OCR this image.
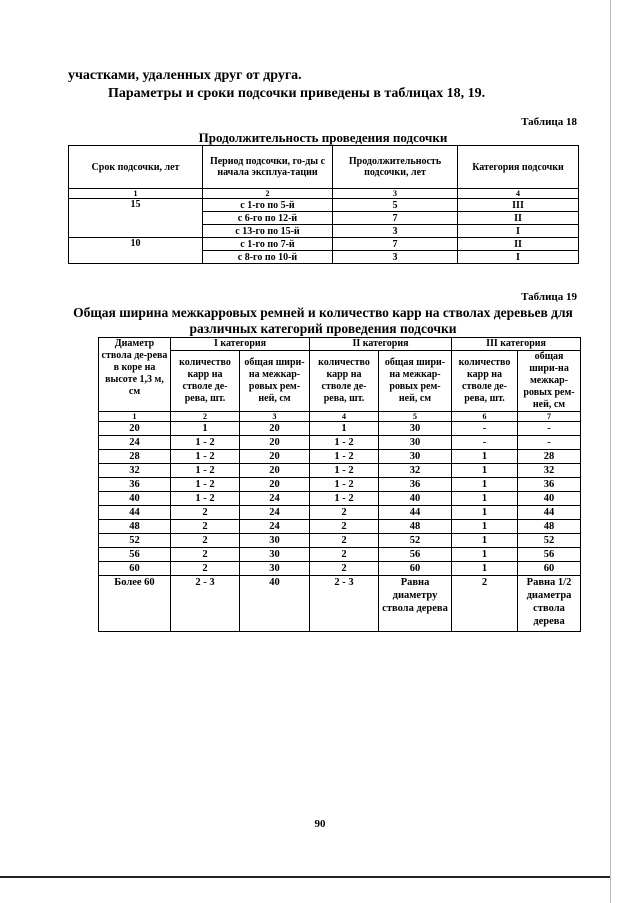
участками, удаленных друг от друга.
Параметры и сроки подсочки приведены в таблицах 18, 19.
Таблица 18
Продолжительность проведения подсочки
Срок подсочки, лет	Период подсочки, го-ды с начала эксплуа-тации	Продолжительность подсочки, лет	Категория подсочки
1	2	3	4
15	с 1-го по 5-й	5	III
	с 6-го по 12-й	7	II
	с 13-го по 15-й	3	I
10	с 1-го по 7-й	7	II
	с 8-го по 10-й	3	I
Таблица 19
Общая ширина межкарровых ремней и количество карр на стволах деревьев для различных категорий проведения подсочки
Диаметр ствола де-рева в коре на высоте 1,3 м, см	I категория		II категория		III категория	
	количество карр на стволе де-рева, шт.	общая шири-на межкар-ровых рем-ней, см	количество карр на стволе де-рева, шт.	общая шири-на межкар-ровых рем-ней, см	количество карр на стволе де-рева, шт.	общая шири-на межкар-ровых рем-ней, см
1	2	3	4	5	6	7
20	1	20	1	30	-	-
24	1 - 2	20	1 - 2	30	-	-
28	1 - 2	20	1 - 2	30	1	28
32	1 - 2	20	1 - 2	32	1	32
36	1 - 2	20	1 - 2	36	1	36
40	1 - 2	24	1 - 2	40	1	40
44	2	24	2	44	1	44
48	2	24	2	48	1	48
52	2	30	2	52	1	52
56	2	30	2	56	1	56
60	2	30	2	60	1	60
Более 60	2 - 3	40	2 - 3	Равна диаметру ствола дерева	2	Равна 1/2 диаметра ствола дерева
90
